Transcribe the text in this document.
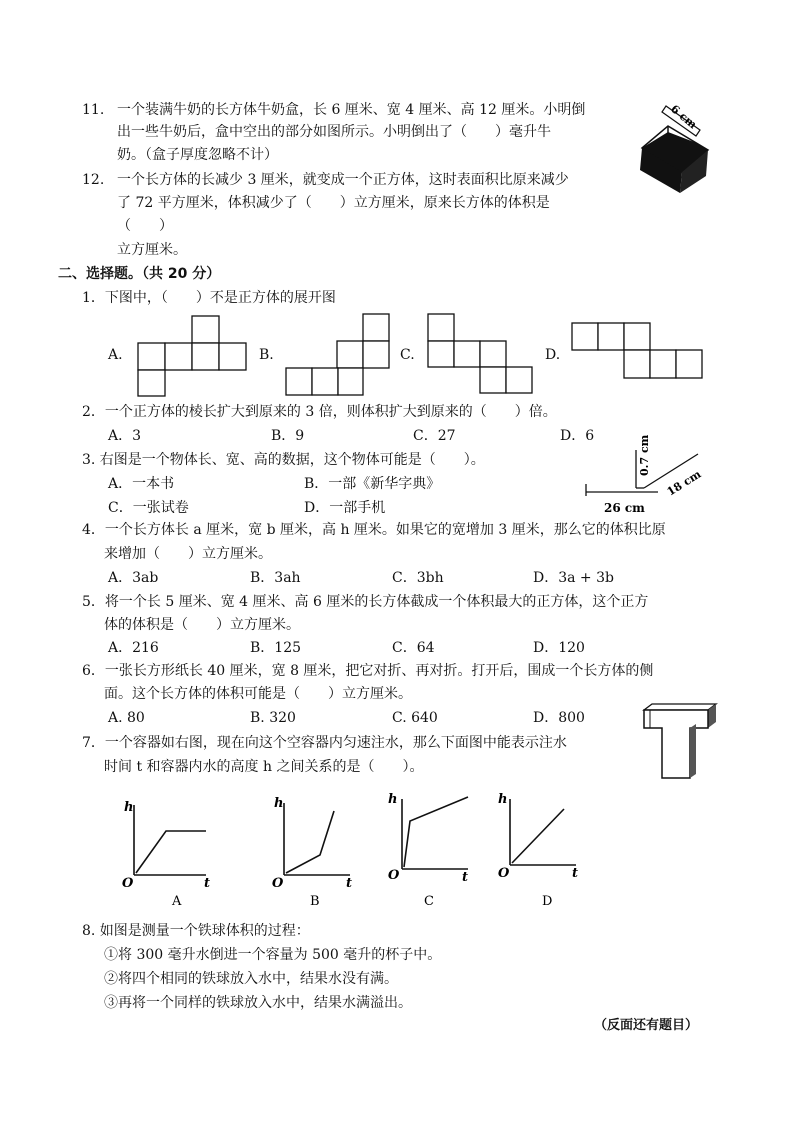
11. 一个装满牛奶的长方体牛奶盒，长 6 厘米、宽 4 厘米、高 12 厘米。小明倒
出一些牛奶后，盒中空出的部分如图所示。小明倒出了（　　）毫升牛
奶。（盒子厚度忽略不计）
6 cm
12. 一个长方体的长减少 3 厘米，就变成一个正方体，这时表面积比原来减少
了 72 平方厘米，体积减少了（　　）立方厘米，原来长方体的体积是
（　　）
立方厘米。
二、选择题。（共 20 分）
1．下图中，（　　）不是正方体的展开图
A.	B.	C.	D.
2．一个正方体的棱长扩大到原来的 3 倍，则体积扩大到原来的（　　）倍。
A．3	B．9	C．27	D．6
3. 右图是一个物体长、宽、高的数据，这个物体可能是（　　）。
A．一本书	B．一部《新华字典》
C．一张试卷	D．一部手机
0.7 cm
18 cm
26 cm
4．一个长方体长 a 厘米，宽 b 厘米，高 h 厘米。如果它的宽增加 3 厘米，那么它的体积比原
来增加（　　）立方厘米。
A．3ab	B．3ah	C．3bh	D．3a + 3b
5．将一个长 5 厘米、宽 4 厘米、高 6 厘米的长方体截成一个体积最大的正方体，这个正方
体的体积是（　　）立方厘米。
A．216	B．125	C．64	D．120
6．一张长方形纸长 40 厘米，宽 8 厘米，把它对折、再对折。打开后，围成一个长方体的侧
面。这个长方体的体积可能是（　　）立方厘米。
A. 80	B. 320	C. 640	D．800
7．一个容器如右图，现在向这个空容器内匀速注水，那么下面图中能表示注水
时间 t 和容器内水的高度 h 之间关系的是（　　）。
h
t
O
A
h
t
O
B
h
t
O
C
h
t
O
D
8. 如图是测量一个铁球体积的过程：
①将 300 毫升水倒进一个容量为 500 毫升的杯子中。
②将四个相同的铁球放入水中，结果水没有满。
③再将一个同样的铁球放入水中，结果水满溢出。
（反面还有题目）
